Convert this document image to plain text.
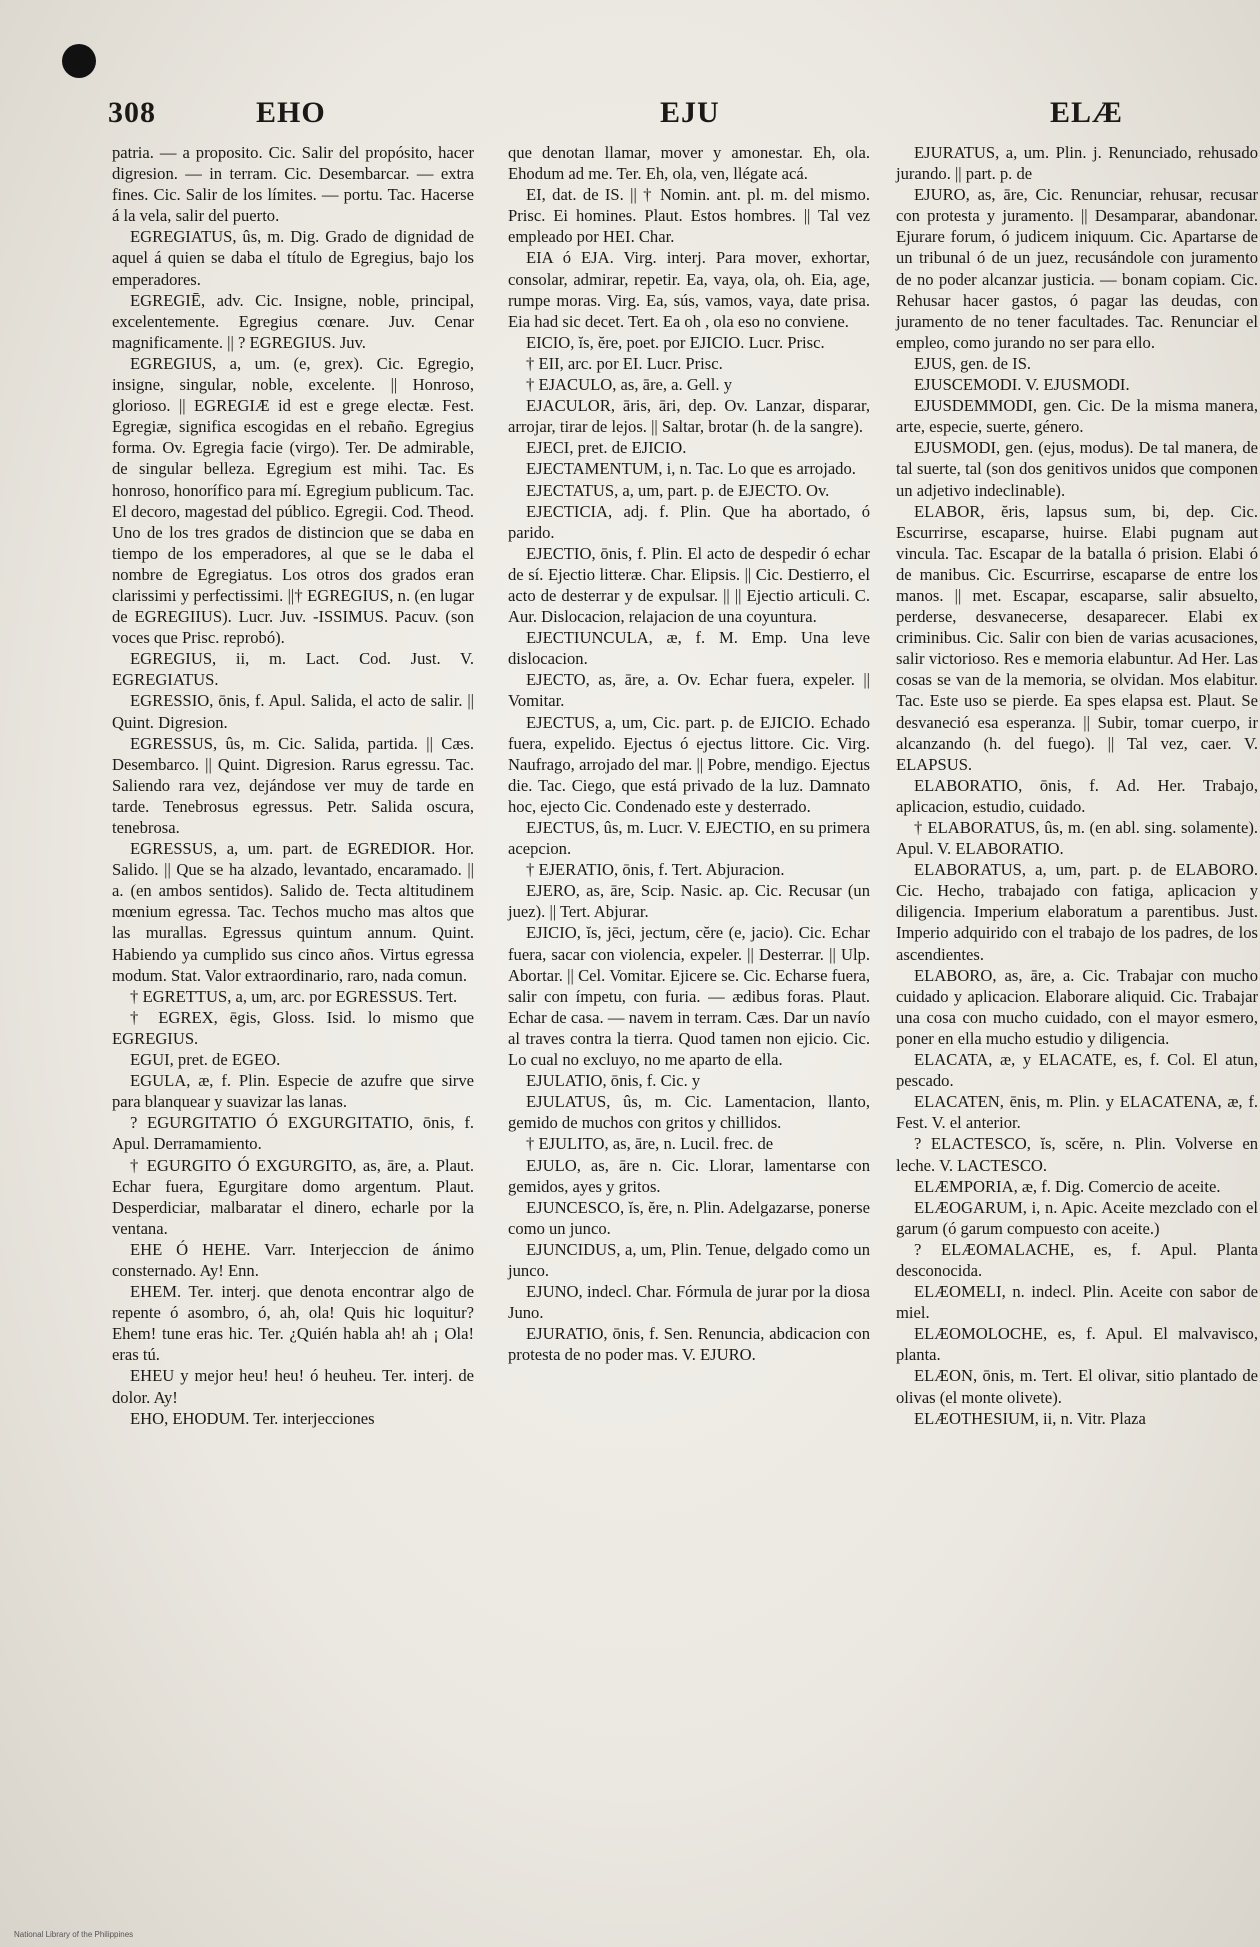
308	EHO	EJU	ELÆ

patria. — a proposito. Cic. Salir del propósito, hacer digresion. — in terram. Cic. Desembarcar. — extra fines. Cic. Salir de los límites. — portu. Tac. Hacerse á la vela, salir del puerto.

EGREGIATUS, ûs, m. Dig. Grado de dignidad de aquel á quien se daba el título de Egregius, bajo los emperadores.

EGREGIĒ, adv. Cic. Insigne, noble, principal, excelentemente. Egregius cœnare. Juv. Cenar magnificamente. || ? EGREGIUS. Juv.

EGREGIUS, a, um. (e, grex). Cic. Egregio, insigne, singular, noble, excelente. || Honroso, glorioso. || EGREGIÆ id est e grege electæ. Fest. Egregiæ, significa escogidas en el rebaño. Egregius forma. Ov. Egregia facie (virgo). Ter. De admirable, de singular belleza. Egregium est mihi. Tac. Es honroso, honorífico para mí. Egregium publicum. Tac. El decoro, magestad del público. Egregii. Cod. Theod. Uno de los tres grados de distincion que se daba en tiempo de los emperadores, al que se le daba el nombre de Egregiatus. Los otros dos grados eran clarissimi y perfectissimi. ||† EGREGIUS, n. (en lugar de EGREGIIUS). Lucr. Juv. -ISSIMUS. Pacuv. (son voces que Prisc. reprobó).

EGREGIUS, ii, m. Lact. Cod. Just. V. EGREGIATUS.

EGRESSIO, ōnis, f. Apul. Salida, el acto de salir. || Quint. Digresion.

EGRESSUS, ûs, m. Cic. Salida, partida. || Cæs. Desembarco. || Quint. Digresion. Rarus egressu. Tac. Saliendo rara vez, dejándose ver muy de tarde en tarde. Tenebrosus egressus. Petr. Salida oscura, tenebrosa.

EGRESSUS, a, um. part. de EGREDIOR. Hor. Salido. || Que se ha alzado, levantado, encaramado. || a. (en ambos sentidos). Salido de. Tecta altitudinem mœnium egressa. Tac. Techos mucho mas altos que las murallas. Egressus quintum annum. Quint. Habiendo ya cumplido sus cinco años. Virtus egressa modum. Stat. Valor extraordinario, raro, nada comun.

† EGRETTUS, a, um, arc. por EGRESSUS. Tert.

† EGREX, ēgis, Gloss. Isid. lo mismo que EGREGIUS.

EGUI, pret. de EGEO.

EGULA, æ, f. Plin. Especie de azufre que sirve para blanquear y suavizar las lanas.

? EGURGITATIO Ó EXGURGITATIO, ōnis, f. Apul. Derramamiento.

† EGURGITO Ó EXGURGITO, as, āre, a. Plaut. Echar fuera, Egurgitare domo argentum. Plaut. Desperdiciar, malbaratar el dinero, echarle por la ventana.

EHE Ó HEHE. Varr. Interjeccion de ánimo consternado. Ay! Enn.

EHEM. Ter. interj. que denota encontrar algo de repente ó asombro, ó, ah, ola! Quis hic loquitur? Ehem! tune eras hic. Ter. ¿Quién habla ah! ah ¡ Ola! eras tú.

EHEU y mejor heu! heu! ó heuheu. Ter. interj. de dolor. Ay!

EHO, EHODUM. Ter. interjecciones

que denotan llamar, mover y amonestar. Eh, ola. Ehodum ad me. Ter. Eh, ola, ven, llégate acá.

EI, dat. de IS. || † Nomin. ant. pl. m. del mismo. Prisc. Ei homines. Plaut. Estos hombres. || Tal vez empleado por HEI. Char.

EIA ó EJA. Virg. interj. Para mover, exhortar, consolar, admirar, repetir. Ea, vaya, ola, oh. Eia, age, rumpe moras. Virg. Ea, sús, vamos, vaya, date prisa. Eia had sic decet. Tert. Ea oh , ola eso no conviene.

EICIO, ĭs, ĕre, poet. por EJICIO. Lucr. Prisc.

† EII, arc. por EI. Lucr. Prisc.

† EJACULO, as, āre, a. Gell. y

EJACULOR, āris, āri, dep. Ov. Lanzar, disparar, arrojar, tirar de lejos. || Saltar, brotar (h. de la sangre).

EJECI, pret. de EJICIO.

EJECTAMENTUM, i, n. Tac. Lo que es arrojado.

EJECTATUS, a, um, part. p. de EJECTO. Ov.

EJECTICIA, adj. f. Plin. Que ha abortado, ó parido.

EJECTIO, ōnis, f. Plin. El acto de despedir ó echar de sí. Ejectio litteræ. Char. Elipsis. || Cic. Destierro, el acto de desterrar y de expulsar. || || Ejectio articuli. C. Aur. Dislocacion, relajacion de una coyuntura.

EJECTIUNCULA, æ, f. M. Emp. Una leve dislocacion.

EJECTO, as, āre, a. Ov. Echar fuera, expeler. || Vomitar.

EJECTUS, a, um, Cic. part. p. de EJICIO. Echado fuera, expelido. Ejectus ó ejectus littore. Cic. Virg. Naufrago, arrojado del mar. || Pobre, mendigo. Ejectus die. Tac. Ciego, que está privado de la luz. Damnato hoc, ejecto Cic. Condenado este y desterrado.

EJECTUS, ûs, m. Lucr. V. EJECTIO, en su primera acepcion.

† EJERATIO, ōnis, f. Tert. Abjuracion.

EJERO, as, āre, Scip. Nasic. ap. Cic. Recusar (un juez). || Tert. Abjurar.

EJICIO, ĭs, jēci, jectum, cĕre (e, jacio). Cic. Echar fuera, sacar con violencia, expeler. || Desterrar. || Ulp. Abortar. || Cel. Vomitar. Ejicere se. Cic. Echarse fuera, salir con ímpetu, con furia. — ædibus foras. Plaut. Echar de casa. — navem in terram. Cæs. Dar un navío al traves contra la tierra. Quod tamen non ejicio. Cic. Lo cual no excluyo, no me aparto de ella.

EJULATIO, ōnis, f. Cic. y

EJULATUS, ûs, m. Cic. Lamentacion, llanto, gemido de muchos con gritos y chillidos.

† EJULITO, as, āre, n. Lucil. frec. de

EJULO, as, āre n. Cic. Llorar, lamentarse con gemidos, ayes y gritos.

EJUNCESCO, ĭs, ĕre, n. Plin. Adelgazarse, ponerse como un junco.

EJUNCIDUS, a, um, Plin. Tenue, delgado como un junco.

EJUNO, indecl. Char. Fórmula de jurar por la diosa Juno.

EJURATIO, ōnis, f. Sen. Renuncia, abdicacion con protesta de no poder mas. V. EJURO.

EJURATUS, a, um. Plin. j. Renunciado, rehusado jurando. || part. p. de

EJURO, as, āre, Cic. Renunciar, rehusar, recusar con protesta y juramento. || Desamparar, abandonar. Ejurare forum, ó judicem iniquum. Cic. Apartarse de un tribunal ó de un juez, recusándole con juramento de no poder alcanzar justicia. — bonam copiam. Cic. Rehusar hacer gastos, ó pagar las deudas, con juramento de no tener facultades. Tac. Renunciar el empleo, como jurando no ser para ello.

EJUS, gen. de IS.

EJUSCEMODI. V. EJUSMODI.

EJUSDEMMODI, gen. Cic. De la misma manera, arte, especie, suerte, género.

EJUSMODI, gen. (ejus, modus). De tal manera, de tal suerte, tal (son dos genitivos unidos que componen un adjetivo indeclinable).

ELABOR, ĕris, lapsus sum, bi, dep. Cic. Escurrirse, escaparse, huirse. Elabi pugnam aut vincula. Tac. Escapar de la batalla ó prision. Elabi ó de manibus. Cic. Escurrirse, escaparse de entre los manos. || met. Escapar, escaparse, salir absuelto, perderse, desvanecerse, desaparecer. Elabi ex criminibus. Cic. Salir con bien de varias acusaciones, salir victorioso. Res e memoria elabuntur. Ad Her. Las cosas se van de la memoria, se olvidan. Mos elabitur. Tac. Este uso se pierde. Ea spes elapsa est. Plaut. Se desvaneció esa esperanza. || Subir, tomar cuerpo, ir alcanzando (h. del fuego). || Tal vez, caer. V. ELAPSUS.

ELABORATIO, ōnis, f. Ad. Her. Trabajo, aplicacion, estudio, cuidado.

† ELABORATUS, ûs, m. (en abl. sing. solamente). Apul. V. ELABORATIO.

ELABORATUS, a, um, part. p. de ELABORO. Cic. Hecho, trabajado con fatiga, aplicacion y diligencia. Imperium elaboratum a parentibus. Just. Imperio adquirido con el trabajo de los padres, de los ascendientes.

ELABORO, as, āre, a. Cic. Trabajar con mucho cuidado y aplicacion. Elaborare aliquid. Cic. Trabajar una cosa con mucho cuidado, con el mayor esmero, poner en ella mucho estudio y diligencia.

ELACATA, æ, y ELACATE, es, f. Col. El atun, pescado.

ELACATEN, ēnis, m. Plin. y ELACATENA, æ, f. Fest. V. el anterior.

? ELACTESCO, ĭs, scĕre, n. Plin. Volverse en leche. V. LACTESCO.

ELÆMPORIA, æ, f. Dig. Comercio de aceite.

ELÆOGARUM, i, n. Apic. Aceite mezclado con el garum (ó garum compuesto con aceite.)

? ELÆOMALACHE, es, f. Apul. Planta desconocida.

ELÆOMELI, n. indecl. Plin. Aceite con sabor de miel.

ELÆOMOLOCHE, es, f. Apul. El malvavisco, planta.

ELÆON, ōnis, m. Tert. El olivar, sitio plantado de olivas (el monte olivete).

ELÆOTHESIUM, ii, n. Vitr. Plaza

National Library of the Philippines
